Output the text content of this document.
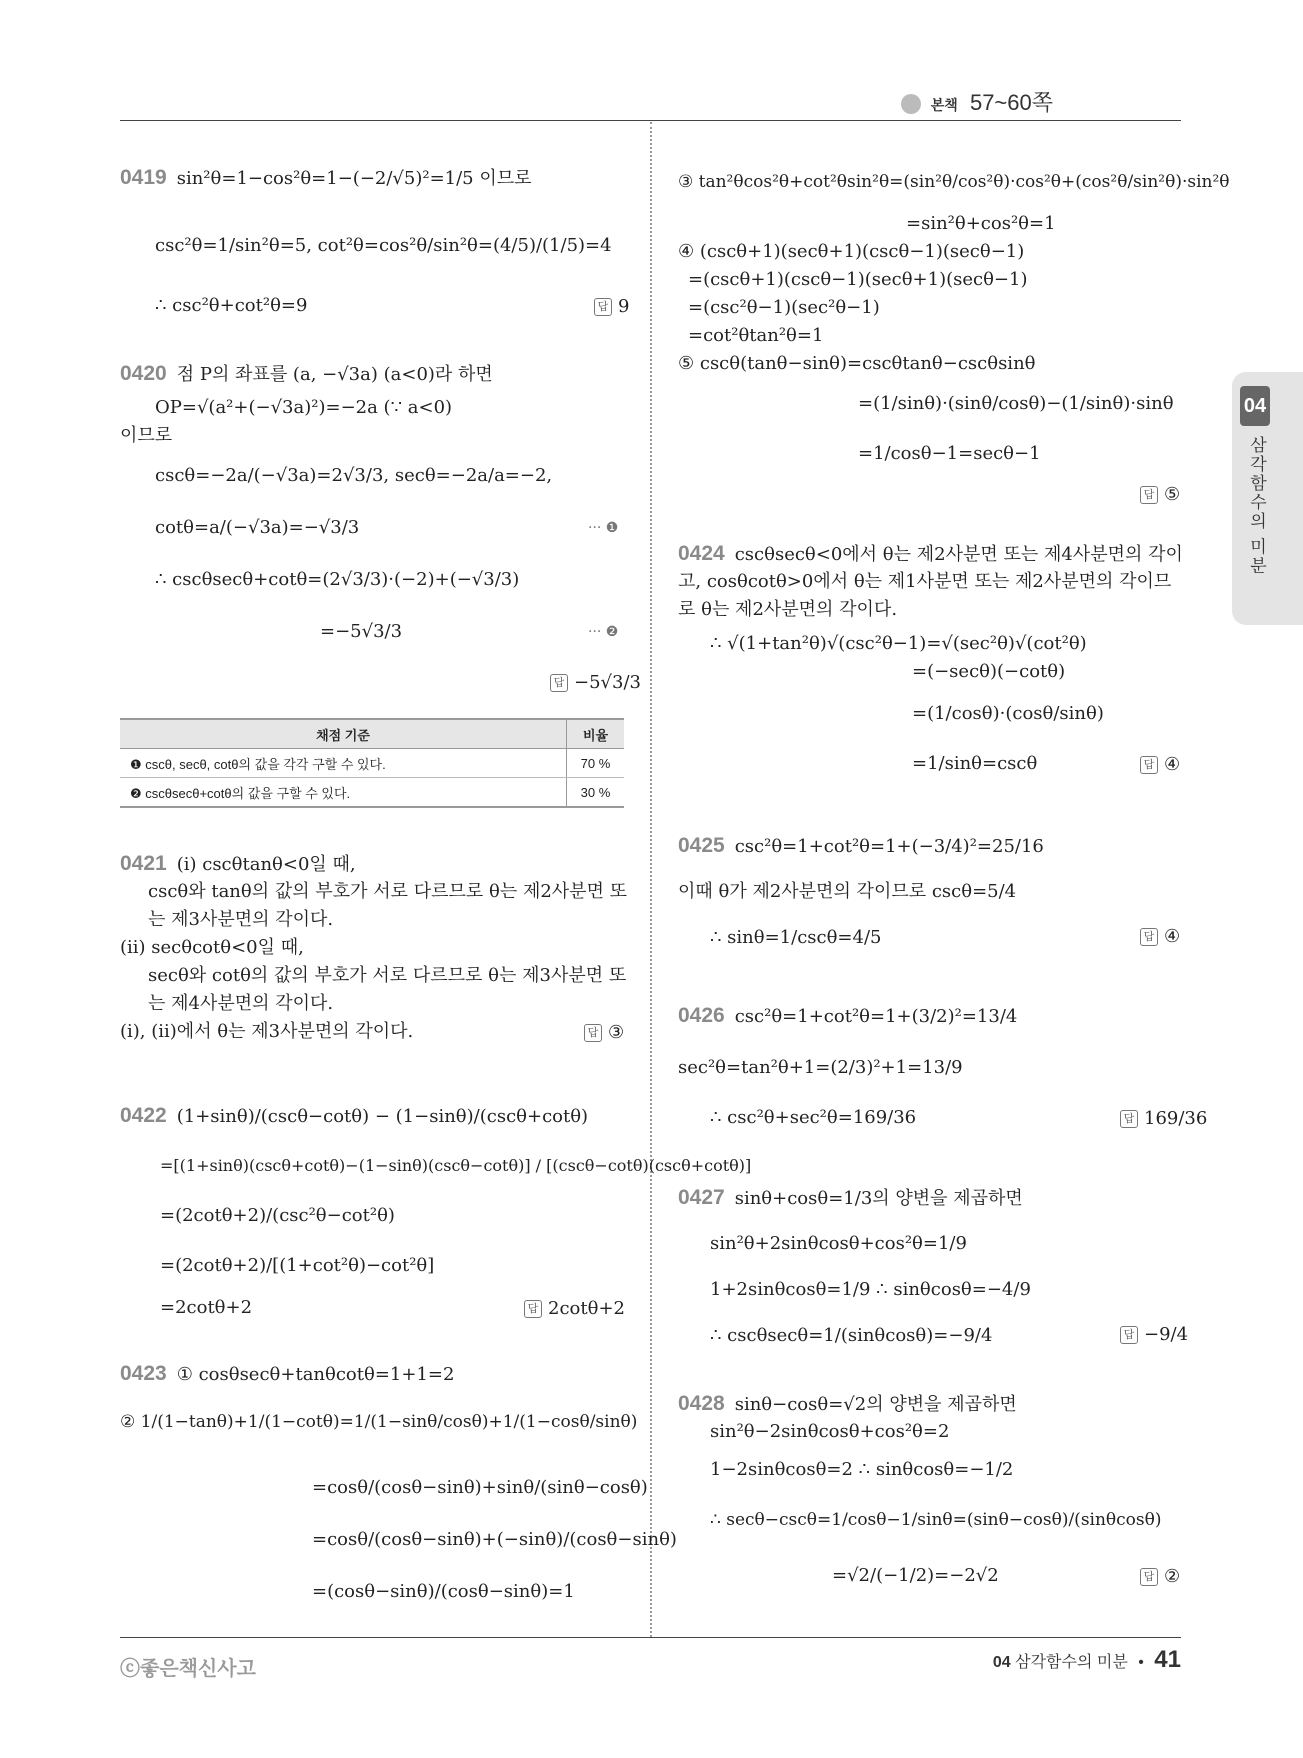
본책 57~60쪽
04
삼각함수의 미분
0419 sin²θ=1−cos²θ=1−(−2/√5)²=1/5 이므로
csc²θ=1/sin²θ=5, cot²θ=cos²θ/sin²θ=(4/5)/(1/5)=4
∴ csc²θ+cot²θ=9	답 9
0420 점 P의 좌표를 (a, −√3a) (a<0)라 하면
OP=√(a²+(−√3a)²)=−2a (∵ a<0)
이므로
cscθ=−2a/(−√3a)=2√3/3, secθ=−2a/a=−2,
cotθ=a/(−√3a)=−√3/3	··· ❶
∴ cscθsecθ+cotθ=(2√3/3)·(−2)+(−√3/3)
=−5√3/3	··· ❷
답 −5√3/3
채점 기준	비율
❶ cscθ, secθ, cotθ의 값을 각각 구할 수 있다.	70 %
❷ cscθsecθ+cotθ의 값을 구할 수 있다.	30 %
0421 (ⅰ) cscθtanθ<0일 때,
cscθ와 tanθ의 값의 부호가 서로 다르므로 θ는 제2사분면 또
는 제3사분면의 각이다.
(ⅱ) secθcotθ<0일 때,
secθ와 cotθ의 값의 부호가 서로 다르므로 θ는 제3사분면 또
는 제4사분면의 각이다.
(ⅰ), (ⅱ)에서 θ는 제3사분면의 각이다.	답 ③
0422 (1+sinθ)/(cscθ−cotθ) − (1−sinθ)/(cscθ+cotθ)
=[(1+sinθ)(cscθ+cotθ)−(1−sinθ)(cscθ−cotθ)] / [(cscθ−cotθ)(cscθ+cotθ)]
=(2cotθ+2)/(csc²θ−cot²θ)
=(2cotθ+2)/[(1+cot²θ)−cot²θ]
=2cotθ+2	답 2cotθ+2
0423 ① cosθsecθ+tanθcotθ=1+1=2
② 1/(1−tanθ)+1/(1−cotθ)=1/(1−sinθ/cosθ)+1/(1−cosθ/sinθ)
=cosθ/(cosθ−sinθ)+sinθ/(sinθ−cosθ)
=cosθ/(cosθ−sinθ)+(−sinθ)/(cosθ−sinθ)
=(cosθ−sinθ)/(cosθ−sinθ)=1
③ tan²θcos²θ+cot²θsin²θ=(sin²θ/cos²θ)·cos²θ+(cos²θ/sin²θ)·sin²θ
=sin²θ+cos²θ=1
④ (cscθ+1)(secθ+1)(cscθ−1)(secθ−1)
=(cscθ+1)(cscθ−1)(secθ+1)(secθ−1)
=(csc²θ−1)(sec²θ−1)
=cot²θtan²θ=1
⑤ cscθ(tanθ−sinθ)=cscθtanθ−cscθsinθ
=(1/sinθ)·(sinθ/cosθ)−(1/sinθ)·sinθ
=1/cosθ−1=secθ−1
답 ⑤
0424 cscθsecθ<0에서 θ는 제2사분면 또는 제4사분면의 각이
고, cosθcotθ>0에서 θ는 제1사분면 또는 제2사분면의 각이므
로 θ는 제2사분면의 각이다.
∴ √(1+tan²θ)√(csc²θ−1)=√(sec²θ)√(cot²θ)
=(−secθ)(−cotθ)
=(1/cosθ)·(cosθ/sinθ)
=1/sinθ=cscθ	답 ④
0425 csc²θ=1+cot²θ=1+(−3/4)²=25/16
이때 θ가 제2사분면의 각이므로 cscθ=5/4
∴ sinθ=1/cscθ=4/5	답 ④
0426 csc²θ=1+cot²θ=1+(3/2)²=13/4
sec²θ=tan²θ+1=(2/3)²+1=13/9
∴ csc²θ+sec²θ=169/36	답 169/36
0427 sinθ+cosθ=1/3의 양변을 제곱하면
sin²θ+2sinθcosθ+cos²θ=1/9
1+2sinθcosθ=1/9 ∴ sinθcosθ=−4/9
∴ cscθsecθ=1/(sinθcosθ)=−9/4	답 −9/4
0428 sinθ−cosθ=√2의 양변을 제곱하면
sin²θ−2sinθcosθ+cos²θ=2
1−2sinθcosθ=2 ∴ sinθcosθ=−1/2
∴ secθ−cscθ=1/cosθ−1/sinθ=(sinθ−cosθ)/(sinθcosθ)
=√2/(−1/2)=−2√2	답 ②
ⓒ좋은책신사고	04 삼각함수의 미분 • 41
